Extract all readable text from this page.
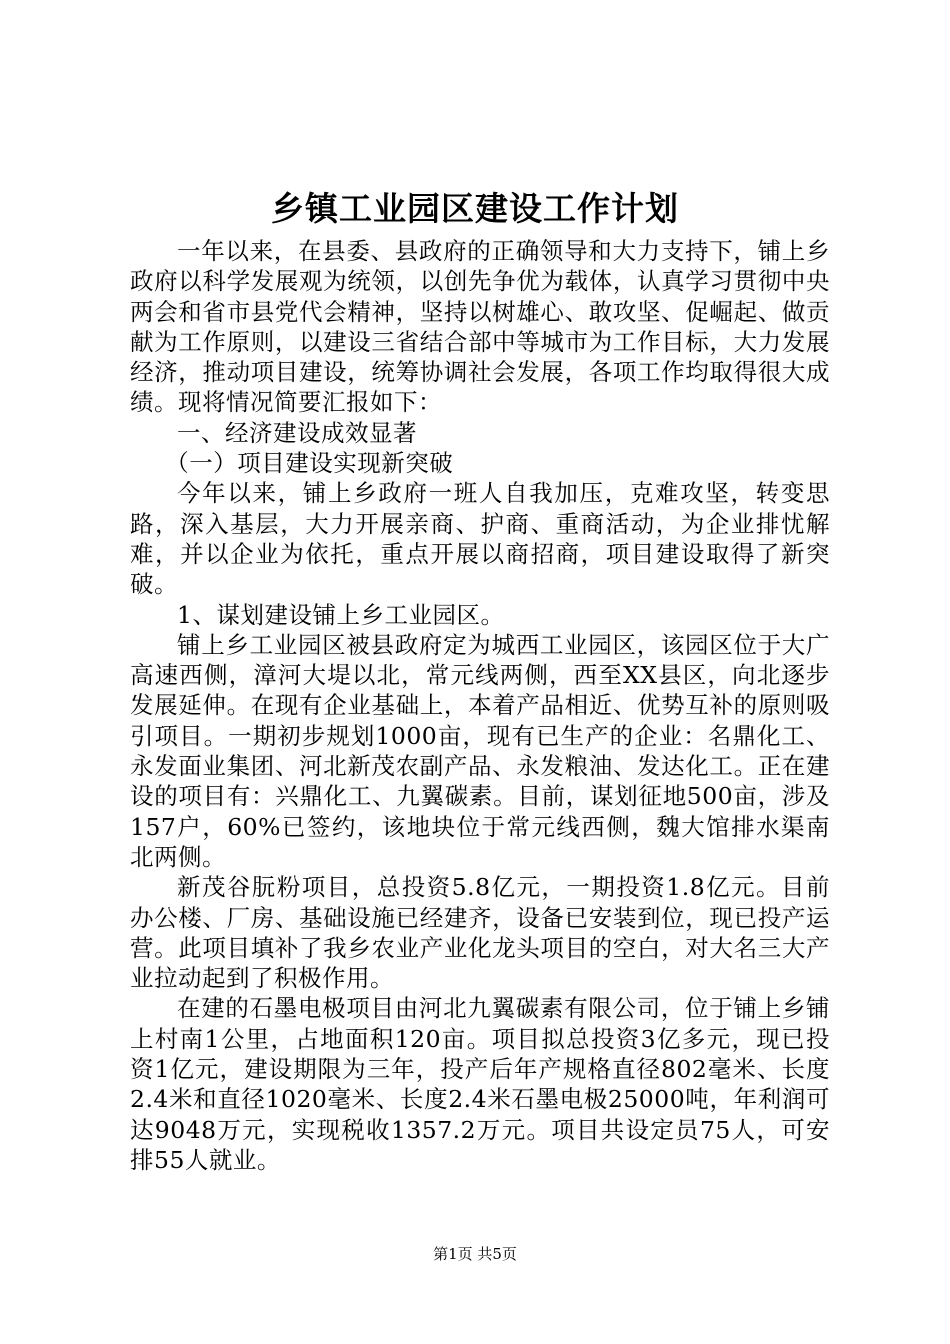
乡镇工业园区建设工作计划

一年以来，在县委、县政府的正确领导和大力支持下，铺上乡政府以科学发展观为统领，以创先争优为载体，认真学习贯彻中央两会和省市县党代会精神，坚持以树雄心、敢攻坚、促崛起、做贡献为工作原则，以建设三省结合部中等城市为工作目标，大力发展经济，推动项目建设，统筹协调社会发展，各项工作均取得很大成绩。现将情况简要汇报如下：

一、经济建设成效显著

（一）项目建设实现新突破

今年以来，铺上乡政府一班人自我加压，克难攻坚，转变思路，深入基层，大力开展亲商、护商、重商活动，为企业排忧解难，并以企业为依托，重点开展以商招商，项目建设取得了新突破。

1、谋划建设铺上乡工业园区。

铺上乡工业园区被县政府定为城西工业园区，该园区位于大广高速西侧，漳河大堤以北，常元线两侧，西至XX县区，向北逐步发展延伸。在现有企业基础上，本着产品相近、优势互补的原则吸引项目。一期初步规划1000亩，现有已生产的企业：名鼎化工、永发面业集团、河北新茂农副产品、永发粮油、发达化工。正在建设的项目有：兴鼎化工、九翼碳素。目前，谋划征地500亩，涉及157户，60%已签约，该地块位于常元线西侧，魏大馆排水渠南北两侧。

新茂谷朊粉项目，总投资5.8亿元，一期投资1.8亿元。目前办公楼、厂房、基础设施已经建齐，设备已安装到位，现已投产运营。此项目填补了我乡农业产业化龙头项目的空白，对大名三大产业拉动起到了积极作用。

在建的石墨电极项目由河北九翼碳素有限公司，位于铺上乡铺上村南1公里，占地面积120亩。项目拟总投资3亿多元，现已投资1亿元，建设期限为三年，投产后年产规格直径802毫米、长度2.4米和直径1020毫米、长度2.4米石墨电极25000吨，年利润可达9048万元，实现税收1357.2万元。项目共设定员75人，可安排55人就业。

第1页 共5页
